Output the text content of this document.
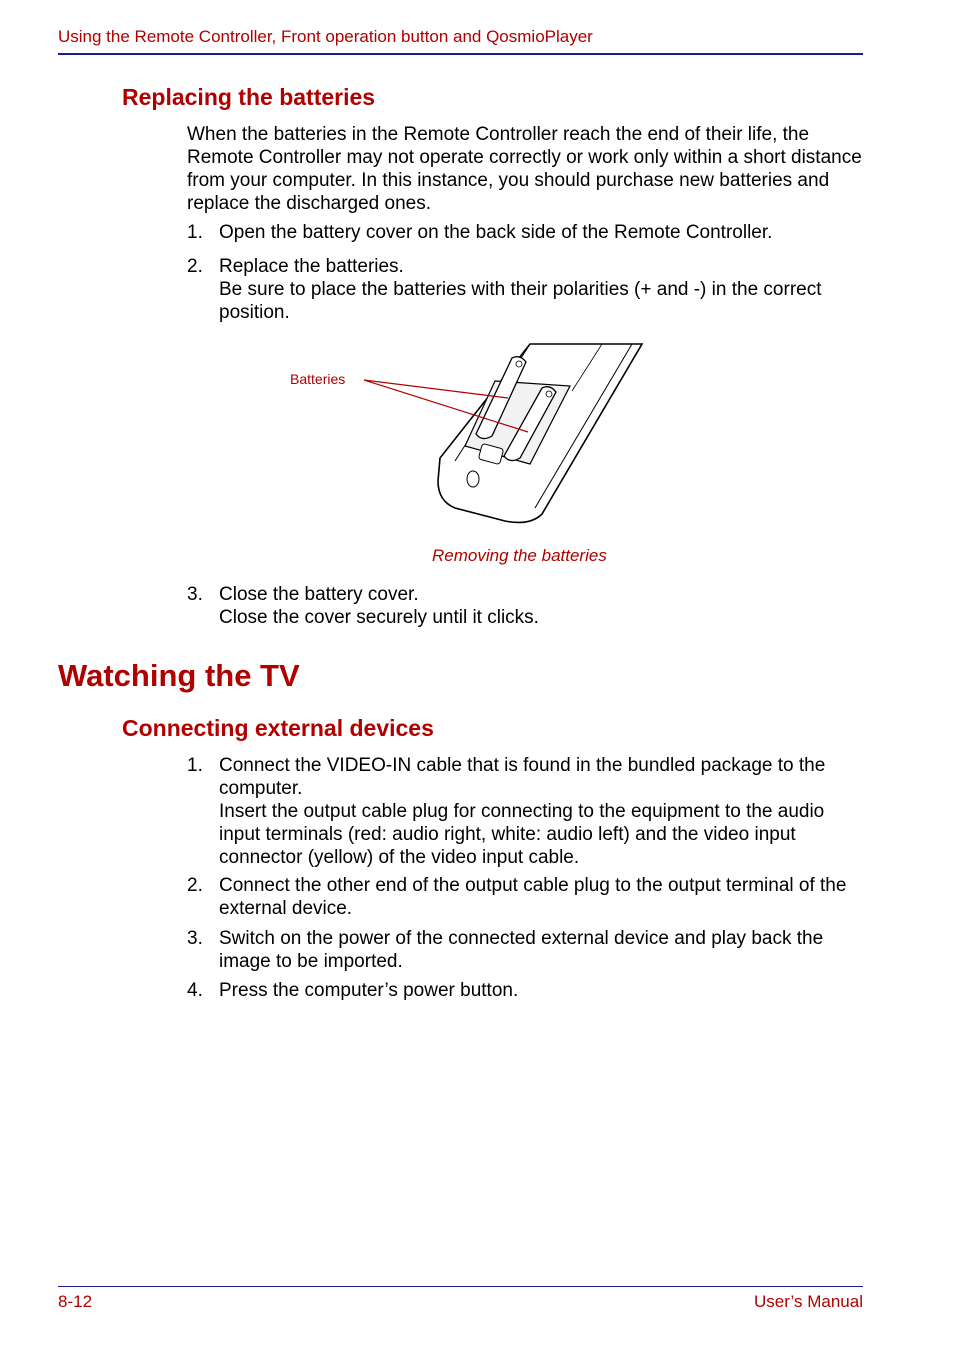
Using the Remote Controller, Front operation button and QosmioPlayer
Replacing the batteries
When the batteries in the Remote Controller reach the end of their life, the Remote Controller may not operate correctly or work only within a short distance from your computer. In this instance, you should purchase new batteries and replace the discharged ones.
1. Open the battery cover on the back side of the Remote Controller.
2. Replace the batteries.
Be sure to place the batteries with their polarities (+ and -) in the correct position.
Batteries
Removing the batteries
3. Close the battery cover.
Close the cover securely until it clicks.
Watching the TV
Connecting external devices
1. Connect the VIDEO-IN cable that is found in the bundled package to the computer.
Insert the output cable plug for connecting to the equipment to the audio input terminals (red: audio right, white: audio left) and the video input connector (yellow) of the video input cable.
2. Connect the other end of the output cable plug to the output terminal of the external device.
3. Switch on the power of the connected external device and play back the image to be imported.
4. Press the computer’s power button.
8-12	User’s Manual
